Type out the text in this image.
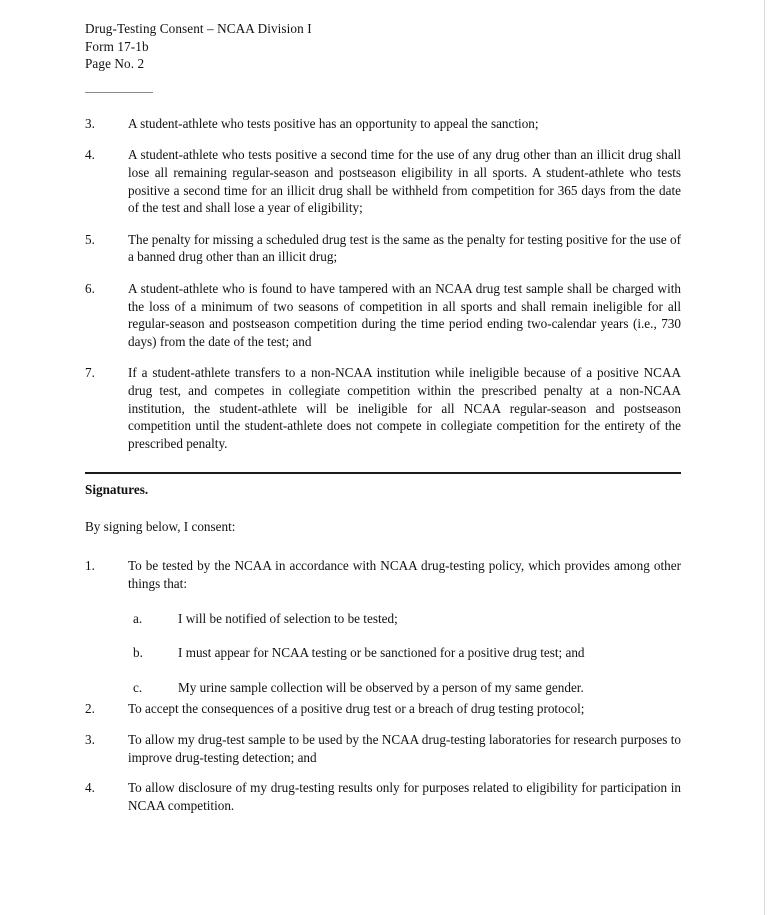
Drug-Testing Consent – NCAA Division I
Form 17-1b
Page No. 2
3.	A student-athlete who tests positive has an opportunity to appeal the sanction;
4.	A student-athlete who tests positive a second time for the use of any drug other than an illicit drug shall lose all remaining regular-season and postseason eligibility in all sports. A student-athlete who tests positive a second time for an illicit drug shall be withheld from competition for 365 days from the date of the test and shall lose a year of eligibility;
5.	The penalty for missing a scheduled drug test is the same as the penalty for testing positive for the use of a banned drug other than an illicit drug;
6.	A student-athlete who is found to have tampered with an NCAA drug test sample shall be charged with the loss of a minimum of two seasons of competition in all sports and shall remain ineligible for all regular-season and postseason competition during the time period ending two-calendar years (i.e., 730 days) from the date of the test; and
7.	If a student-athlete transfers to a non-NCAA institution while ineligible because of a positive NCAA drug test, and competes in collegiate competition within the prescribed penalty at a non-NCAA institution, the student-athlete will be ineligible for all NCAA regular-season and postseason competition until the student-athlete does not compete in collegiate competition for the entirety of the prescribed penalty.
Signatures.
By signing below, I consent:
1.	To be tested by the NCAA in accordance with NCAA drug-testing policy, which provides among other things that:
a.	I will be notified of selection to be tested;
b.	I must appear for NCAA testing or be sanctioned for a positive drug test; and
c.	My urine sample collection will be observed by a person of my same gender.
2.	To accept the consequences of a positive drug test or a breach of drug testing protocol;
3.	To allow my drug-test sample to be used by the NCAA drug-testing laboratories for research purposes to improve drug-testing detection; and
4.	To allow disclosure of my drug-testing results only for purposes related to eligibility for participation in NCAA competition.
